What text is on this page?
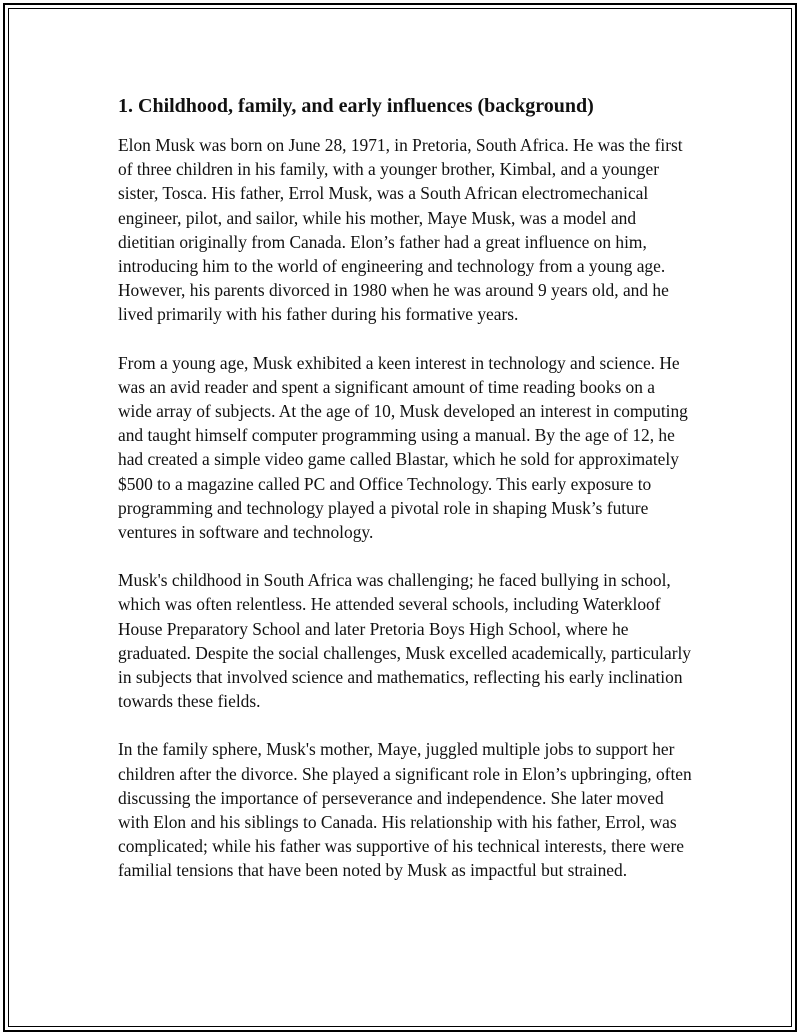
1. Childhood, family, and early influences (background)

Elon Musk was born on June 28, 1971, in Pretoria, South Africa. He was the first of three children in his family, with a younger brother, Kimbal, and a younger sister, Tosca. His father, Errol Musk, was a South African electromechanical engineer, pilot, and sailor, while his mother, Maye Musk, was a model and dietitian originally from Canada. Elon’s father had a great influence on him, introducing him to the world of engineering and technology from a young age. However, his parents divorced in 1980 when he was around 9 years old, and he lived primarily with his father during his formative years.

From a young age, Musk exhibited a keen interest in technology and science. He was an avid reader and spent a significant amount of time reading books on a wide array of subjects. At the age of 10, Musk developed an interest in computing and taught himself computer programming using a manual. By the age of 12, he had created a simple video game called Blastar, which he sold for approximately $500 to a magazine called PC and Office Technology. This early exposure to programming and technology played a pivotal role in shaping Musk’s future ventures in software and technology.

Musk's childhood in South Africa was challenging; he faced bullying in school, which was often relentless. He attended several schools, including Waterkloof House Preparatory School and later Pretoria Boys High School, where he graduated. Despite the social challenges, Musk excelled academically, particularly in subjects that involved science and mathematics, reflecting his early inclination towards these fields.

In the family sphere, Musk's mother, Maye, juggled multiple jobs to support her children after the divorce. She played a significant role in Elon’s upbringing, often discussing the importance of perseverance and independence. She later moved with Elon and his siblings to Canada. His relationship with his father, Errol, was complicated; while his father was supportive of his technical interests, there were familial tensions that have been noted by Musk as impactful but strained.
